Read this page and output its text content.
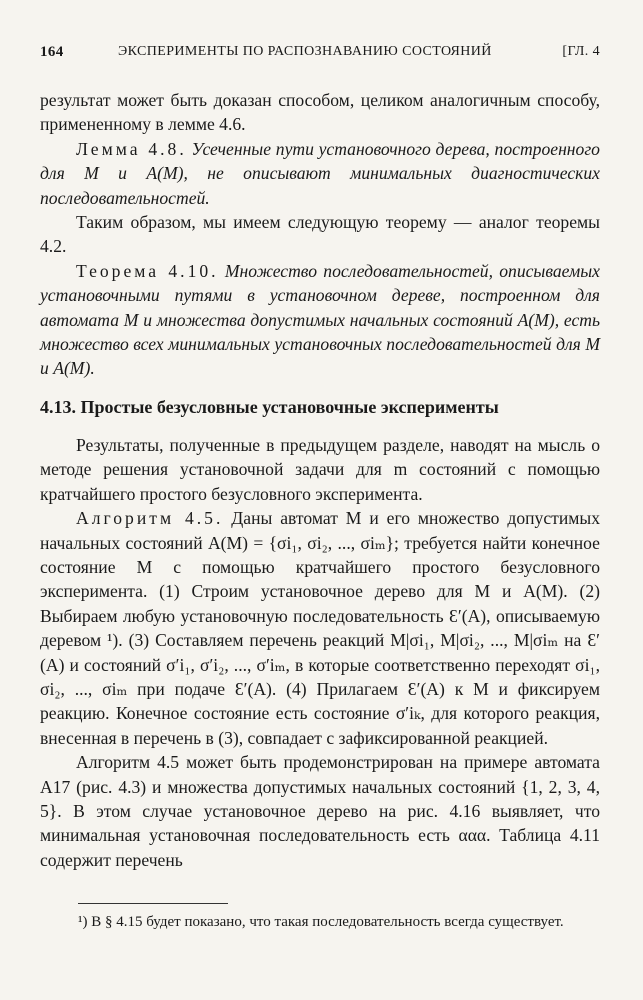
164	ЭКСПЕРИМЕНТЫ ПО РАСПОЗНАВАНИЮ СОСТОЯНИЙ	[ГЛ. 4

результат может быть доказан способом, целиком аналогичным способу, примененному в лемме 4.6.

Лемма 4.8. Усеченные пути установочного дерева, построенного для M и A(M), не описывают минимальных диагностических последовательностей.

Таким образом, мы имеем следующую теорему — аналог теоремы 4.2.

Теорема 4.10. Множество последовательностей, описываемых установочными путями в установочном дереве, построенном для автомата M и множества допустимых начальных состояний A(M), есть множество всех минимальных установочных последовательностей для M и A(M).

4.13. Простые безусловные установочные эксперименты

Результаты, полученные в предыдущем разделе, наводят на мысль о методе решения установочной задачи для m состояний с помощью кратчайшего простого безусловного эксперимента.

Алгоритм 4.5. Даны автомат M и его множество допустимых начальных состояний A(M) = {σi₁, σi₂, ..., σiₘ}; требуется найти конечное состояние M с помощью кратчайшего простого безусловного эксперимента. (1) Строим установочное дерево для M и A(M). (2) Выбираем любую установочную последовательность Ɛ′(A), описываемую деревом ¹). (3) Составляем перечень реакций M|σi₁, M|σi₂, ..., M|σiₘ на Ɛ′(A) и состояний σ′i₁, σ′i₂, ..., σ′iₘ, в которые соответственно переходят σi₁, σi₂, ..., σiₘ при подаче Ɛ′(A). (4) Прилагаем Ɛ′(A) к M и фиксируем реакцию. Конечное состояние есть состояние σ′iₖ, для которого реакция, внесенная в перечень в (3), совпадает с зафиксированной реакцией.

Алгоритм 4.5 может быть продемонстрирован на примере автомата A17 (рис. 4.3) и множества допустимых начальных состояний {1, 2, 3, 4, 5}. В этом случае установочное дерево на рис. 4.16 выявляет, что минимальная установочная последовательность есть ααα. Таблица 4.11 содержит перечень

¹) В § 4.15 будет показано, что такая последовательность всегда существует.
